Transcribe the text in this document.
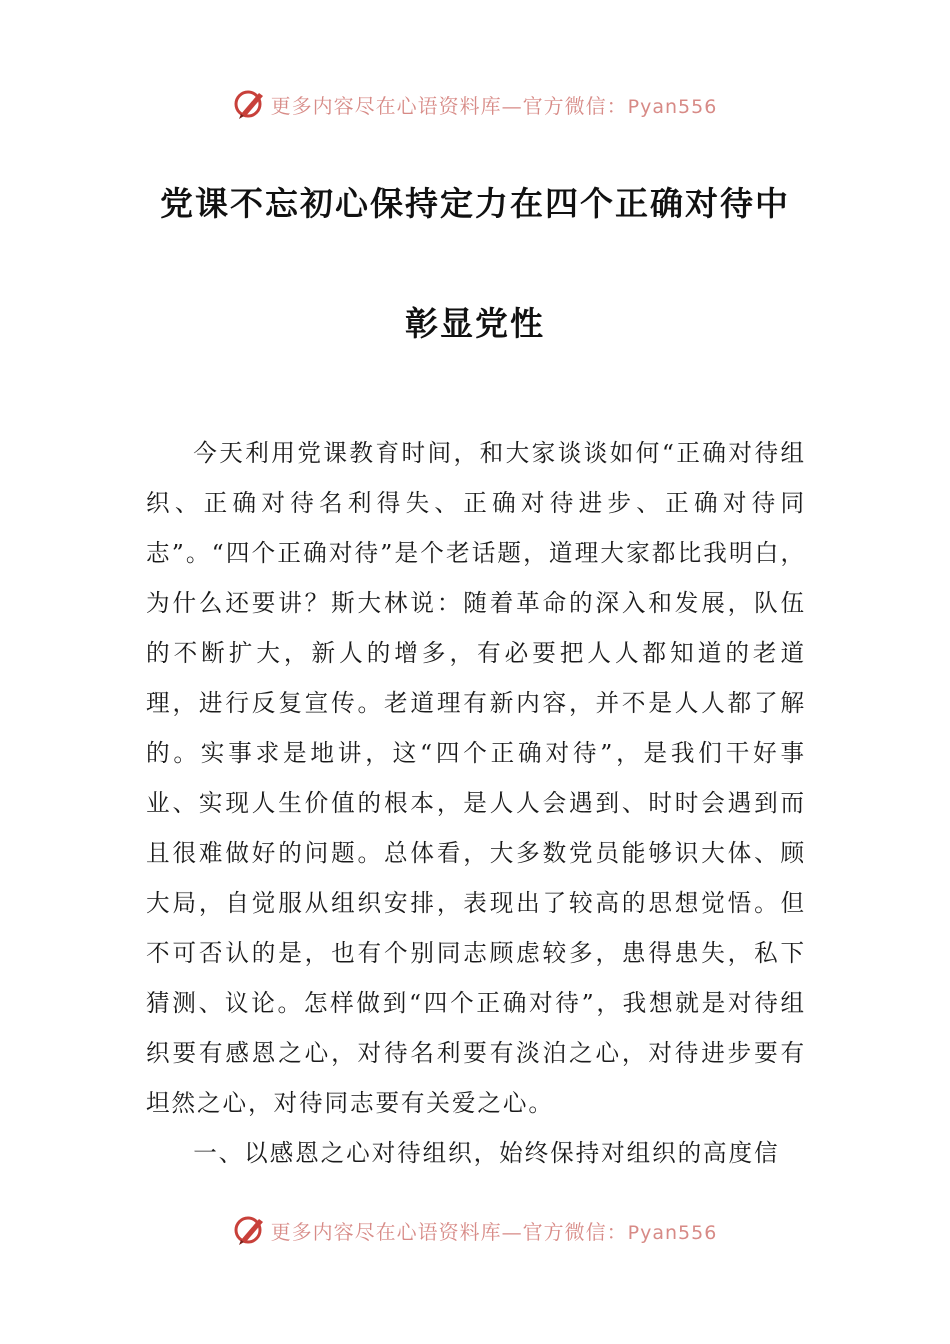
更多内容尽在心语资料库—官方微信：Pyan556
党课不忘初心保持定力在四个正确对待中
彰显党性

今天利用党课教育时间，和大家谈谈如何“正确对待组织、正确对待名利得失、正确对待进步、正确对待同志”。“四个正确对待”是个老话题，道理大家都比我明白，为什么还要讲？斯大林说：随着革命的深入和发展，队伍的不断扩大，新人的增多，有必要把人人都知道的老道理，进行反复宣传。老道理有新内容，并不是人人都了解的。实事求是地讲，这“四个正确对待”，是我们干好事业、实现人生价值的根本，是人人会遇到、时时会遇到而且很难做好的问题。总体看，大多数党员能够识大体、顾大局，自觉服从组织安排，表现出了较高的思想觉悟。但不可否认的是，也有个别同志顾虑较多，患得患失，私下猜测、议论。怎样做到“四个正确对待”，我想就是对待组织要有感恩之心，对待名利要有淡泊之心，对待进步要有坦然之心，对待同志要有关爱之心。

一、以感恩之心对待组织，始终保持对组织的高度信

更多内容尽在心语资料库—官方微信：Pyan556
